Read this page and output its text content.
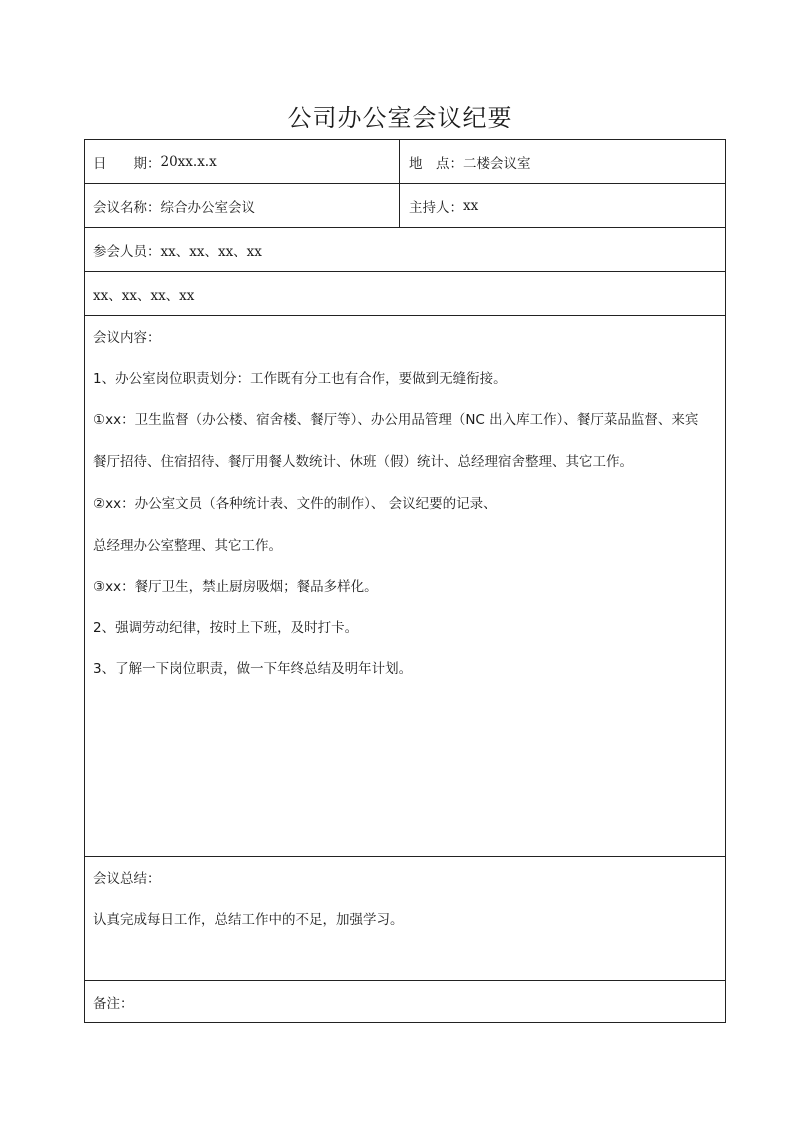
公司办公室会议纪要
日　　期： 20xx.x.x	地　点： 二楼会议室
会议名称： 综合办公室会议	主持人： xx
参会人员： xx、xx、xx、xx
xx、xx、xx、xx
会议内容：
1、办公室岗位职责划分：工作既有分工也有合作，要做到无缝衔接。
①xx：卫生监督（办公楼、宿舍楼、餐厅等）、办公用品管理（NC 出入库工作）、餐厅菜品监督、来宾
餐厅招待、住宿招待、餐厅用餐人数统计、休班（假）统计、总经理宿舍整理、其它工作。
②xx：办公室文员（各种统计表、文件的制作）、 会议纪要的记录、
总经理办公室整理、其它工作。
③xx：餐厅卫生，禁止厨房吸烟；餐品多样化。
2、强调劳动纪律，按时上下班，及时打卡。
3、了解一下岗位职责，做一下年终总结及明年计划。
会议总结：
认真完成每日工作，总结工作中的不足，加强学习。
备注：
